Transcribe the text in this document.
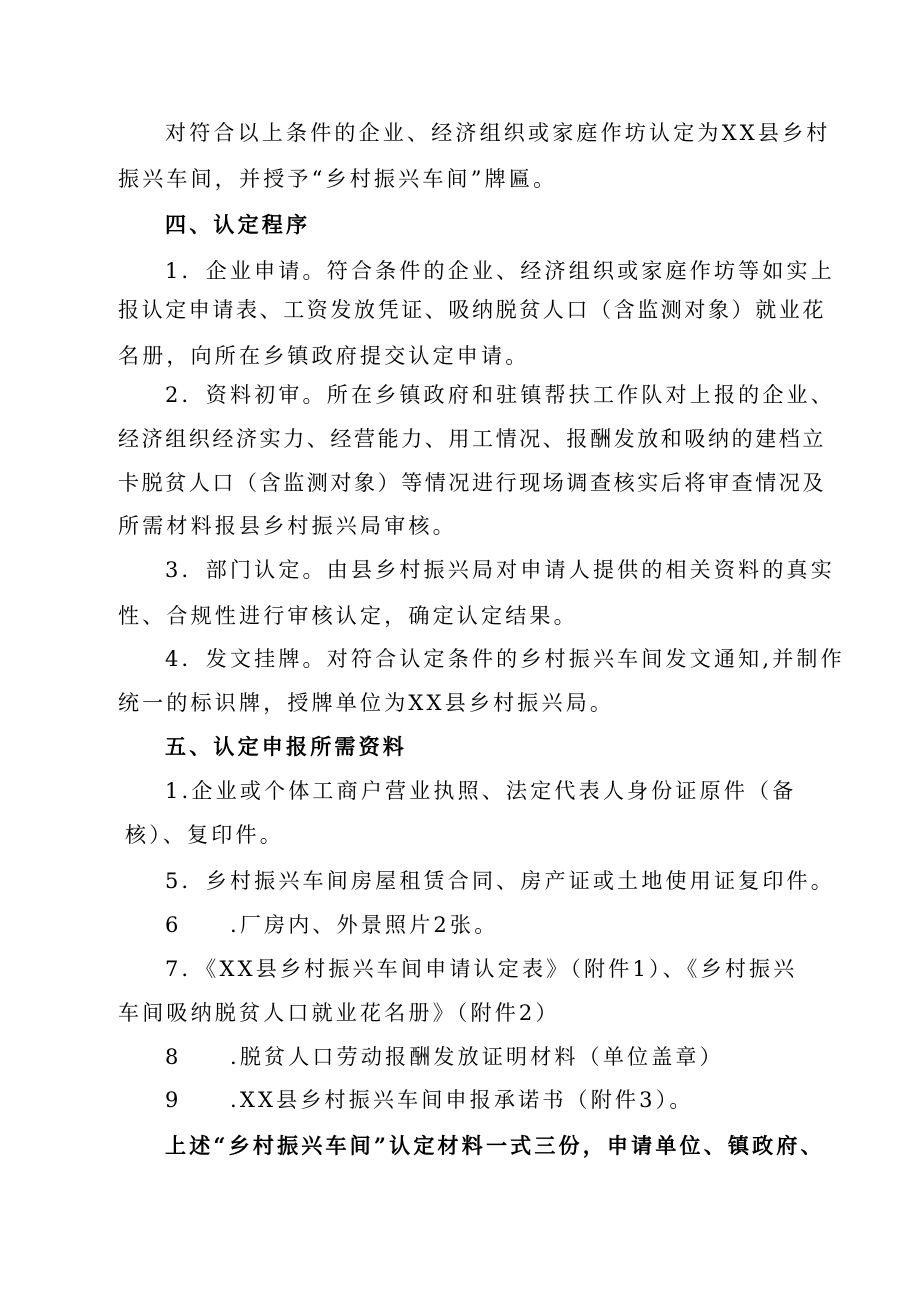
对符合以上条件的企业、经济组织或家庭作坊认定为XX县乡村
振兴车间，并授予“乡村振兴车间”牌匾。
四、认定程序
1．企业申请。符合条件的企业、经济组织或家庭作坊等如实上
报认定申请表、工资发放凭证、吸纳脱贫人口（含监测对象）就业花
名册，向所在乡镇政府提交认定申请。
2．资料初审。所在乡镇政府和驻镇帮扶工作队对上报的企业、
经济组织经济实力、经营能力、用工情况、报酬发放和吸纳的建档立
卡脱贫人口（含监测对象）等情况进行现场调查核实后将审查情况及
所需材料报县乡村振兴局审核。
3．部门认定。由县乡村振兴局对申请人提供的相关资料的真实
性、合规性进行审核认定，确定认定结果。
4．发文挂牌。对符合认定条件的乡村振兴车间发文通知,并制作
统一的标识牌，授牌单位为XX县乡村振兴局。
五、认定申报所需资料
1.企业或个体工商户营业执照、法定代表人身份证原件（备
核）、复印件。
5．乡村振兴车间房屋租赁合同、房产证或土地使用证复印件。
6　　.厂房内、外景照片2张。
7．《XX县乡村振兴车间申请认定表》（附件1）、《乡村振兴
车间吸纳脱贫人口就业花名册》（附件2）
8　　.脱贫人口劳动报酬发放证明材料（单位盖章）
9　　.XX县乡村振兴车间申报承诺书（附件3）。
上述“乡村振兴车间”认定材料一式三份，申请单位、镇政府、
